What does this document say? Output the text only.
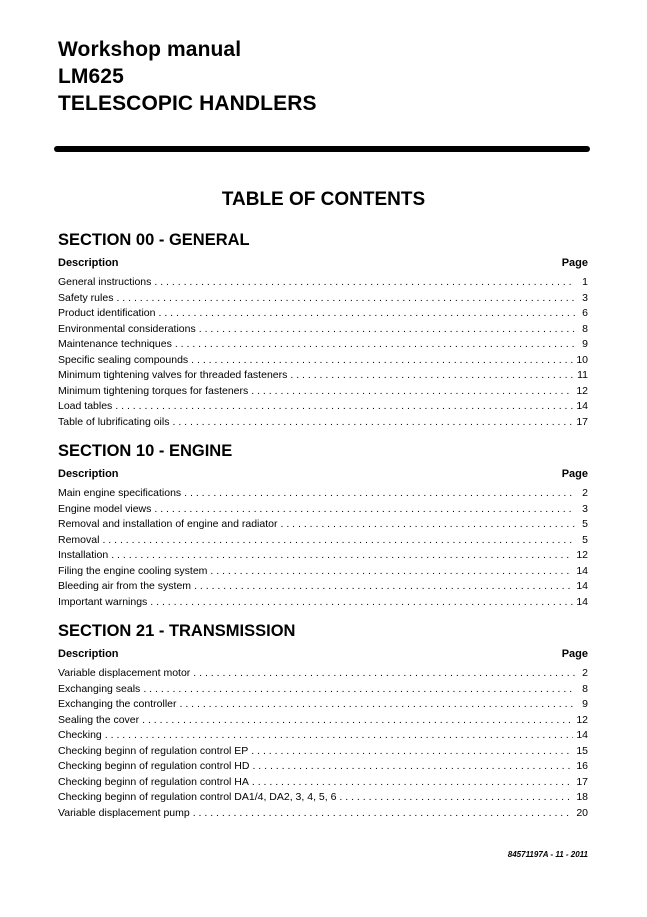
Workshop manual
LM625
TELESCOPIC HANDLERS
TABLE OF CONTENTS
SECTION 00 - GENERAL
Description	Page
General instructions . . .	1
Safety rules . . .	3
Product identification . . .	6
Environmental considerations . . .	8
Maintenance techniques . . .	9
Specific sealing compounds . . .	10
Minimum tightening valves for threaded fasteners . . .	11
Minimum tightening torques for fasteners . . .	12
Load tables . . .	14
Table of lubrificating oils . . .	17
SECTION 10 - ENGINE
Description	Page
Main engine specifications . . .	2
Engine model views . . .	3
Removal and installation of engine and radiator . . .	5
Removal . . .	5
Installation . . .	12
Filing the engine cooling system . . .	14
Bleeding air from the system . . .	14
Important warnings . . .	14
SECTION 21 - TRANSMISSION
Description	Page
Variable displacement motor . . .	2
Exchanging seals . . .	8
Exchanging the controller . . .	9
Sealing the cover . . .	12
Checking . . .	14
Checking beginn of regulation control EP . . .	15
Checking beginn of regulation control HD . . .	16
Checking beginn of regulation control HA . . .	17
Checking beginn of regulation control DA1/4, DA2, 3, 4, 5, 6 . . .	18
Variable displacement pump . . .	20
84571197A - 11 - 2011
